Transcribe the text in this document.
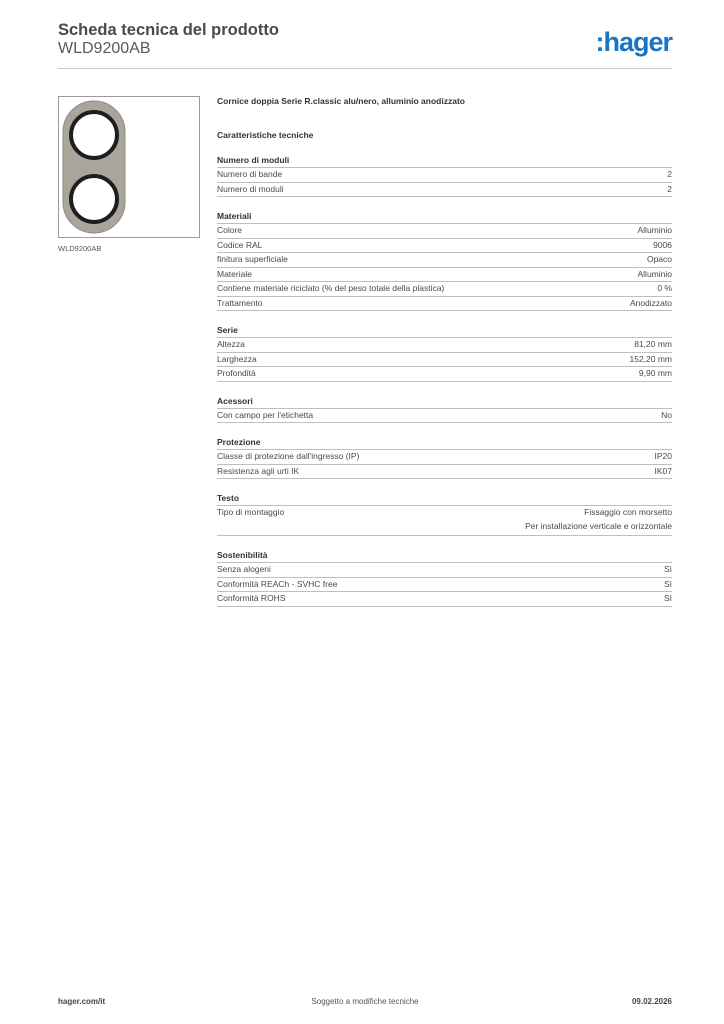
Scheda tecnica del prodotto
WLD9200AB	:hager
WLD9200AB
Cornice doppia Serie R.classic alu/nero, alluminio anodizzato
Caratteristiche tecniche
Numero di moduli
Numero di bande	2
Numero di moduli	2
Materiali
Colore	Alluminio
Codice RAL	9006
finitura superficiale	Opaco
Materiale	Alluminio
Contiene materiale riciclato (% del peso totale della plastica)	0 %
Trattamento	Anodizzato
Serie
Altezza	81,20 mm
Larghezza	152,20 mm
Profondità	9,90 mm
Acessori
Con campo per l'etichetta	No
Protezione
Classe di protezione dall'ingresso (IP)	IP20
Resistenza agli urti IK	IK07
Testo
Tipo di montaggio	Fissaggio con morsetto
Per installazione verticale e orizzontale
Sostenibilità
Senza alogeni	Sì
Conformità REACh - SVHC free	Sì
Conformità ROHS	Sì
hager.com/it	Soggetto a modifiche tecniche	09.02.2026
